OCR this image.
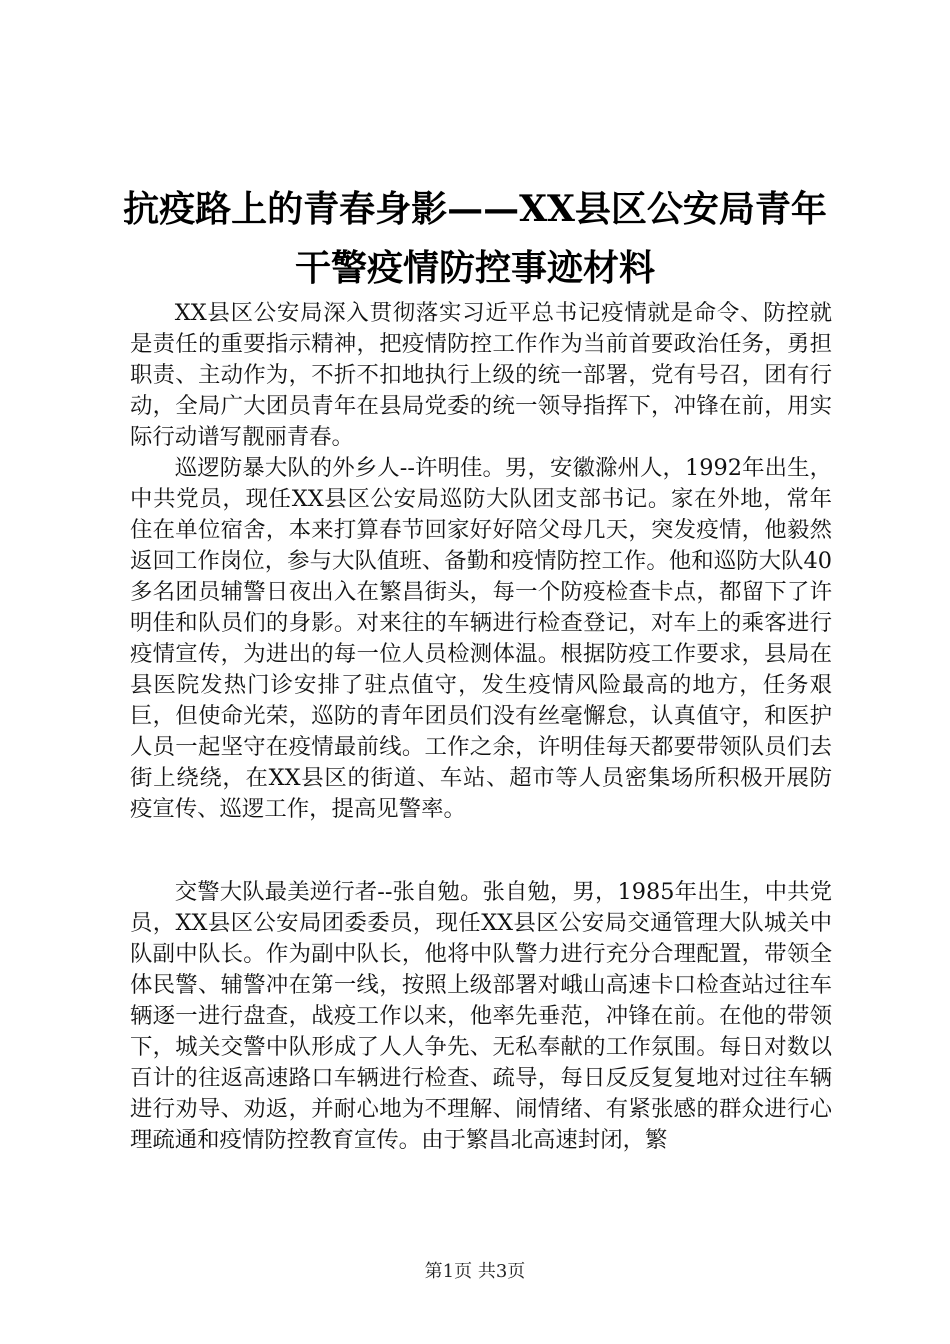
抗疫路上的青春身影——XX县区公安局青年
干警疫情防控事迹材料

XX县区公安局深入贯彻落实习近平总书记疫情就是命令、防控就是责任的重要指示精神，把疫情防控工作作为当前首要政治任务，勇担职责、主动作为，不折不扣地执行上级的统一部署，党有号召，团有行动，全局广大团员青年在县局党委的统一领导指挥下，冲锋在前，用实际行动谱写靓丽青春。

巡逻防暴大队的外乡人--许明佳。男，安徽滁州人，1992年出生，中共党员，现任XX县区公安局巡防大队团支部书记。家在外地，常年住在单位宿舍，本来打算春节回家好好陪父母几天，突发疫情，他毅然返回工作岗位，参与大队值班、备勤和疫情防控工作。他和巡防大队40多名团员辅警日夜出入在繁昌街头，每一个防疫检查卡点，都留下了许明佳和队员们的身影。对来往的车辆进行检查登记，对车上的乘客进行疫情宣传，为进出的每一位人员检测体温。根据防疫工作要求，县局在县医院发热门诊安排了驻点值守，发生疫情风险最高的地方，任务艰巨，但使命光荣，巡防的青年团员们没有丝毫懈怠，认真值守，和医护人员一起坚守在疫情最前线。工作之余，许明佳每天都要带领队员们去街上绕绕，在XX县区的街道、车站、超市等人员密集场所积极开展防疫宣传、巡逻工作，提高见警率。

交警大队最美逆行者--张自勉。张自勉，男，1985年出生，中共党员，XX县区公安局团委委员，现任XX县区公安局交通管理大队城关中队副中队长。作为副中队长，他将中队警力进行充分合理配置，带领全体民警、辅警冲在第一线，按照上级部署对峨山高速卡口检查站过往车辆逐一进行盘查，战疫工作以来，他率先垂范，冲锋在前。在他的带领下，城关交警中队形成了人人争先、无私奉献的工作氛围。每日对数以百计的往返高速路口车辆进行检查、疏导，每日反反复复地对过往车辆进行劝导、劝返，并耐心地为不理解、闹情绪、有紧张感的群众进行心理疏通和疫情防控教育宣传。由于繁昌北高速封闭，繁

第1页 共3页
